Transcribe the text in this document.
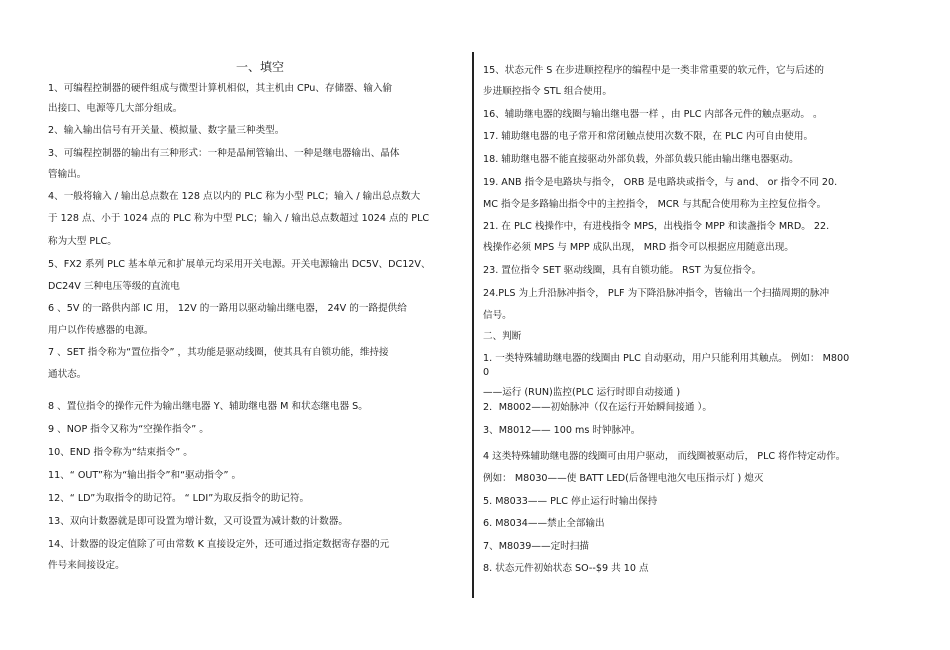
一、填空
1、可编程控制器的硬件组成与微型计算机相似，其主机由 CPu、存储器、输入偷
出接口、电源等几大部分组成。
2、输入输出信号有开关量、模拟量、数字量三种类型。
3、可编程控制器的输出有三种形式：一种是晶闸管输出、一种是继电器输出、晶体
管输出。
4、一般将输入 / 输出总点数在 128 点以内的 PLC 称为小型 PLC；输入 / 输出总点数大
于 128 点、小于 1024 点的 PLC 称为中型 PLC；输入 / 输出总点数超过 1024 点的 PLC
称为大型 PLC。
5、FX2 系列 PLC 基本单元和扩展单元均采用开关电源。开关电源输出 DC5V、DC12V、
DC24V 三种电压等级的直流电
6 、5V 的一路供内部 IC 用， 12V 的一路用以驱动输出继电器， 24V 的一路提供给
用户以作传感器的电源。
7 、SET 指令称为“置位指令” ，其功能是驱动线圈，使其具有自锁功能，维持接
通状态。
8 、置位指令的操作元件为输出继电器 Y、辅助继电器 M 和状态继电器 S。
9 、NOP 指令又称为“空操作指令” 。
10、END 指令称为“结束指令” 。
11、“ OUT”称为“输出指令”和“驱动指令” 。
12、“ LD”为取指令的助记符。 “ LDI”为取反指令的助记符。
13、双向计数器就是即可设置为增计数，又可设置为减计数的计数器。
14、计数器的设定值除了可由常数 K 直接设定外，还可通过指定数据寄存器的元
件号来间接设定。
15、状态元件 S 在步进顺控程序的编程中是一类非常重要的软元件，它与后述的
步进顺控指令 STL 组合使用。
16、辅助继电器的线圈与输出继电器一样 ，由 PLC 内部各元件的触点驱动。 。
17. 辅助继电器的电子常开和常闭触点使用次数不限，在 PLC 内可自由使用。
18. 辅助继电器不能直接驱动外部负载，外部负载只能由输出继电器驱动。
19. ANB 指令是电路块与指令， ORB 是电路块或指令，与 and、 or 指令不同 20.
MC 指令是多路输出指令中的主控指令， MCR 与其配合使用称为主控复位指令。
21. 在 PLC 栈操作中，有进栈指令 MPS，出栈指令 MPP 和读盏指令 MRD。 22.
栈操作必须 MPS 与 MPP 成队出现， MRD 指令可以根据应用随意出现。
23. 置位指令 SET 驱动线圈，具有自锁功能。 RST 为复位指令。
24.PLS 为上升沿脉冲指令， PLF 为下降沿脉冲指令，皆输出一个扫描周期的脉冲
信号。
二、判断
1. 一类特殊辅助继电器的线圈由 PLC 自动驱动，用户只能利用其触点。 例如： M800
0
——运行 (RUN)监控(PLC 运行时即自动接通 )
2．M8002——初始脉冲（仅在运行开始瞬间接通 ）。
3、M8012—— 100 ms 时钟脉冲。
4 这类特殊辅助继电器的线圈可由用户驱动， 而线圈被驱动后， PLC 将作特定动作。
例如： M8030——使 BATT LED(后备锂电池欠电压指示灯 ) 熄灭
5. M8033—— PLC 停止运行时输出保持
6. M8034——禁止全部输出
7、M8039——定时扫描
8. 状态元件初始状态 SO--$9 共 10 点
